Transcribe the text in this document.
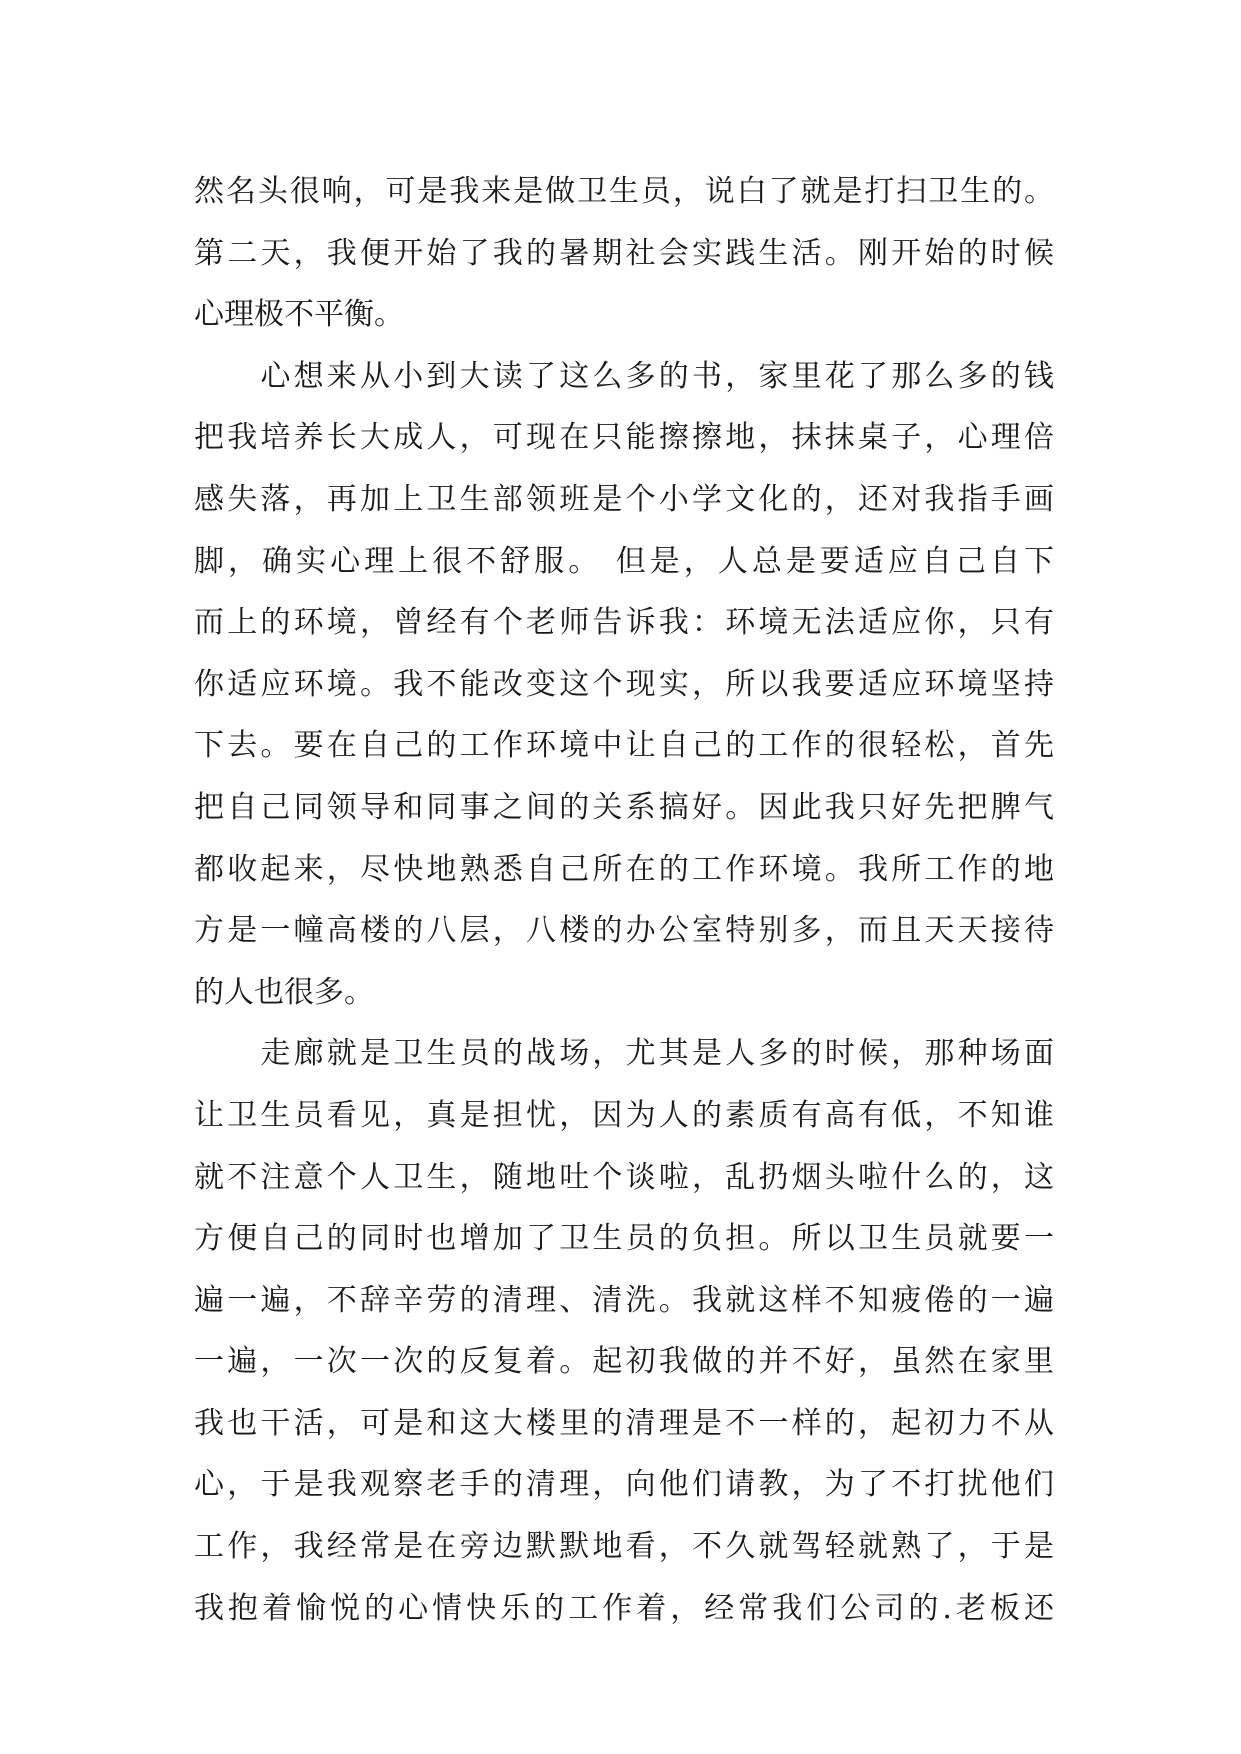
然名头很响，可是我来是做卫生员，说白了就是打扫卫生的。
第二天，我便开始了我的暑期社会实践生活。刚开始的时候
心理极不平衡。
　　心想来从小到大读了这么多的书，家里花了那么多的钱
把我培养长大成人，可现在只能擦擦地，抹抹桌子，心理倍
感失落，再加上卫生部领班是个小学文化的，还对我指手画
脚，确实心理上很不舒服。 但是，人总是要适应自己自下
而上的环境，曾经有个老师告诉我：环境无法适应你，只有
你适应环境。我不能改变这个现实，所以我要适应环境坚持
下去。要在自己的工作环境中让自己的工作的很轻松，首先
把自己同领导和同事之间的关系搞好。因此我只好先把脾气
都收起来，尽快地熟悉自己所在的工作环境。我所工作的地
方是一幢高楼的八层，八楼的办公室特别多，而且天天接待
的人也很多。
　　走廊就是卫生员的战场，尤其是人多的时候，那种场面
让卫生员看见，真是担忧，因为人的素质有高有低，不知谁
就不注意个人卫生，随地吐个谈啦，乱扔烟头啦什么的，这
方便自己的同时也增加了卫生员的负担。所以卫生员就要一
遍一遍，不辞辛劳的清理、清洗。我就这样不知疲倦的一遍
一遍，一次一次的反复着。起初我做的并不好，虽然在家里
我也干活，可是和这大楼里的清理是不一样的，起初力不从
心，于是我观察老手的清理，向他们请教，为了不打扰他们
工作，我经常是在旁边默默地看，不久就驾轻就熟了，于是
我抱着愉悦的心情快乐的工作着，经常我们公司的.老板还
